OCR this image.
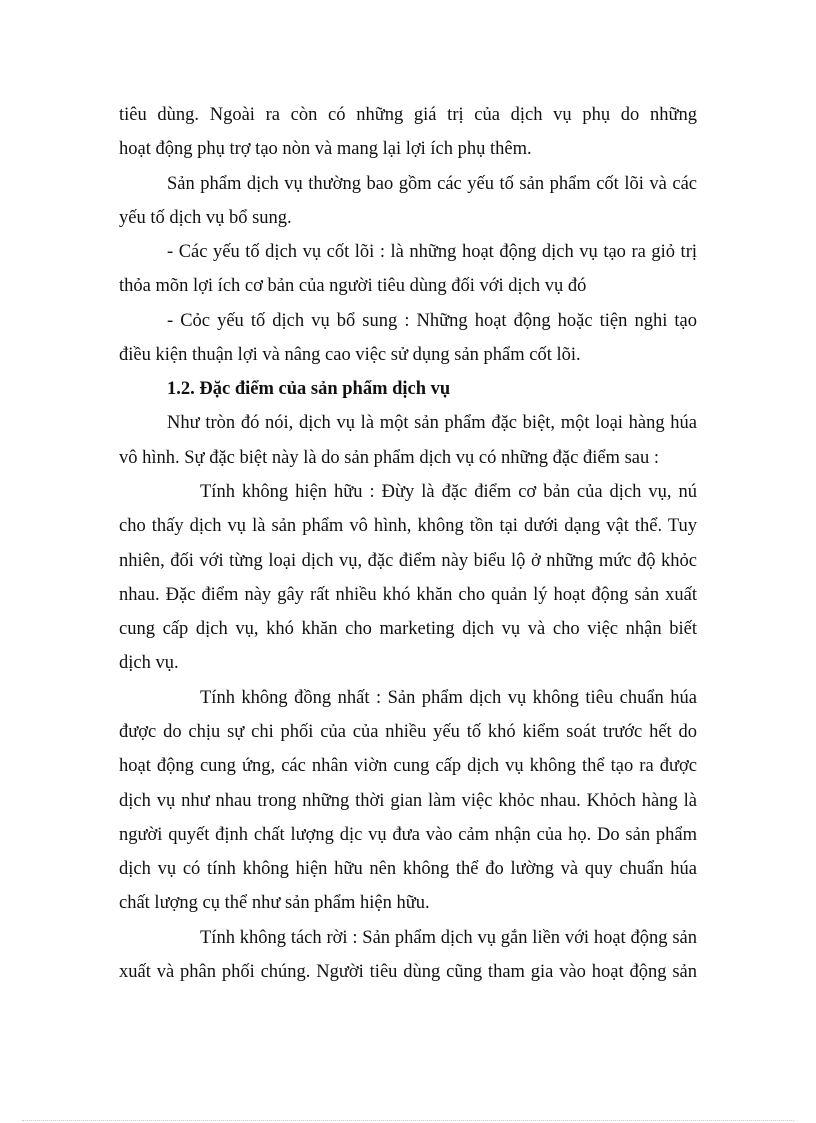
tiêu dùng. Ngoài ra còn có những giá trị của dịch vụ phụ do những
hoạt động phụ trợ tạo nòn và mang lại lợi ích phụ thêm.
Sản phẩm dịch vụ thường bao gồm các yếu tố sản phẩm cốt lõi và các
yếu tố dịch vụ bổ sung.
- Các yếu tố dịch vụ cốt lõi : là những hoạt động dịch vụ tạo ra giỏ trị
thỏa mõn lợi ích cơ bản của người tiêu dùng đối với dịch vụ đó
- Cỏc yếu tố dịch vụ bổ sung : Những hoạt động hoặc tiện nghi tạo
điều kiện thuận lợi và nâng cao việc sử dụng sản phẩm cốt lõi.
1.2. Đặc điểm của sản phẩm dịch vụ
Như tròn đó nói, dịch vụ là một sản phẩm đặc biệt, một loại hàng húa
vô hình. Sự đặc biệt này là do sản phẩm dịch vụ có những đặc điểm sau :
Tính không hiện hữu : Đừy là đặc điểm cơ bản của dịch vụ, nú
cho thấy dịch vụ là sản phẩm vô hình, không tồn tại dưới dạng vật thể. Tuy
nhiên, đối với từng loại dịch vụ, đặc điểm này biểu lộ ở những mức độ khỏc
nhau. Đặc điểm này gây rất nhiều khó khăn cho quản lý hoạt động sản xuất
cung cấp dịch vụ, khó khăn cho marketing dịch vụ và cho việc nhận biết
dịch vụ.
Tính không đồng nhất : Sản phẩm dịch vụ không tiêu chuẩn húa
được do chịu sự chi phối của của nhiều yếu tố khó kiểm soát trước hết do
hoạt động cung ứng, các nhân viờn cung cấp dịch vụ không thể tạo ra được
dịch vụ như nhau trong những thời gian làm việc khỏc nhau. Khỏch hàng là
người quyết định chất lượng dịc vụ đưa vào cảm nhận của họ. Do sản phẩm
dịch vụ có tính không hiện hữu nên không thể đo lường và quy chuẩn húa
chất lượng cụ thể như sản phẩm hiện hữu.
Tính không tách rời : Sản phẩm dịch vụ gắn liền với hoạt động sản
xuất và phân phối chúng. Người tiêu dùng cũng tham gia vào hoạt động sản
